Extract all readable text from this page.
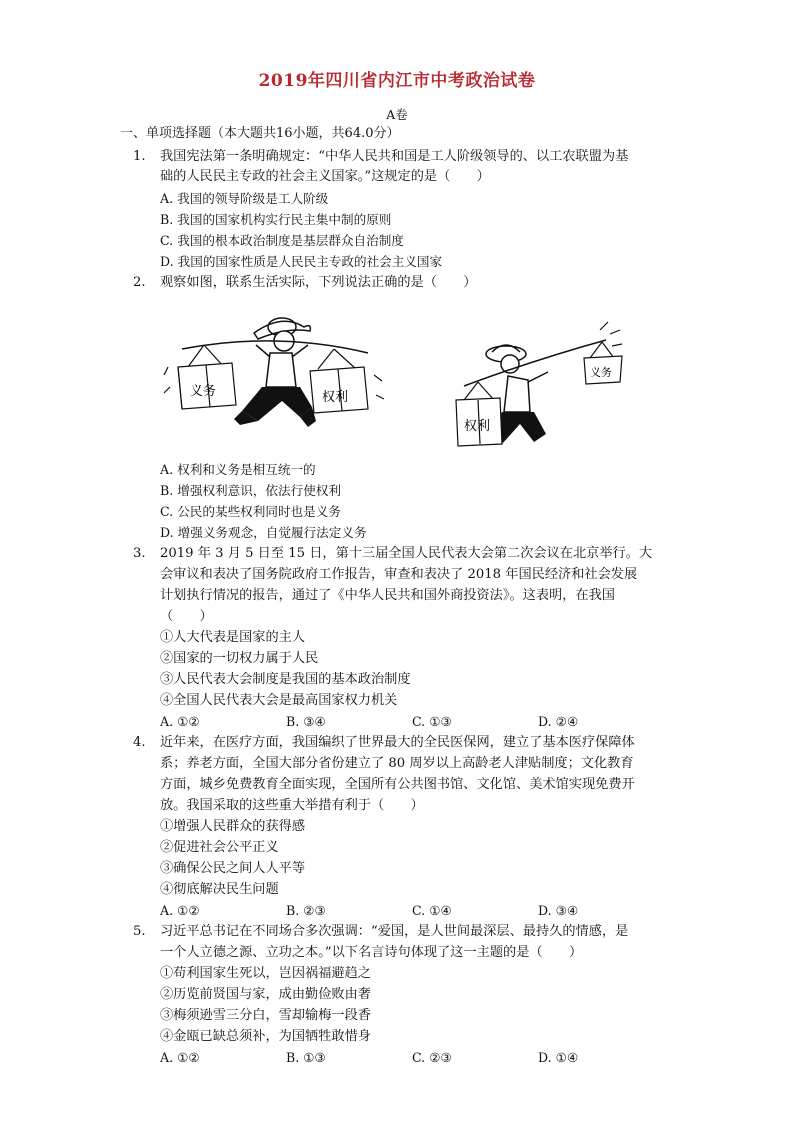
2019年四川省内江市中考政治试卷
A卷
一、单项选择题（本大题共16小题，共64.0分）
1. 我国宪法第一条明确规定：“中华人民共和国是工人阶级领导的、以工农联盟为基
础的人民民主专政的社会主义国家。”这规定的是（　　）
A. 我国的领导阶级是工人阶级
B. 我国的国家机构实行民主集中制的原则
C. 我国的根本政治制度是基层群众自治制度
D. 我国的国家性质是人民民主专政的社会主义国家
2. 观察如图，联系生活实际，下列说法正确的是（　　）
义务	权利
权利
义务
A. 权利和义务是相互统一的
B. 增强权利意识，依法行使权利
C. 公民的某些权利同时也是义务
D. 增强义务观念，自觉履行法定义务
3. 2019 年 3 月 5 日至 15 日，第十三届全国人民代表大会第二次会议在北京举行。大
会审议和表决了国务院政府工作报告，审查和表决了 2018 年国民经济和社会发展
计划执行情况的报告，通过了《中华人民共和国外商投资法》。这表明，在我国
（　　）
①人大代表是国家的主人
②国家的一切权力属于人民
③人民代表大会制度是我国的基本政治制度
④全国人民代表大会是最高国家权力机关
A. ①②	B. ③④	C. ①③	D. ②④
4. 近年来，在医疗方面，我国编织了世界最大的全民医保网，建立了基本医疗保障体
系；养老方面，全国大部分省份建立了 80 周岁以上高龄老人津贴制度；文化教育
方面，城乡免费教育全面实现，全国所有公共图书馆、文化馆、美术馆实现免费开
放。我国采取的这些重大举措有利于（　　）
①增强人民群众的获得感
②促进社会公平正义
③确保公民之间人人平等
④彻底解决民生问题
A. ①②	B. ②③	C. ①④	D. ③④
5. 习近平总书记在不同场合多次强调：“爱国，是人世间最深层、最持久的情感，是
一个人立德之源、立功之本。”以下名言诗句体现了这一主题的是（　　）
①苟利国家生死以，岂因祸福避趋之
②历览前贤国与家，成由勤俭败由奢
③梅须逊雪三分白，雪却输梅一段香
④金瓯已缺总须补，为国牺牲敢惜身
A. ①②	B. ①③	C. ②③	D. ①④
